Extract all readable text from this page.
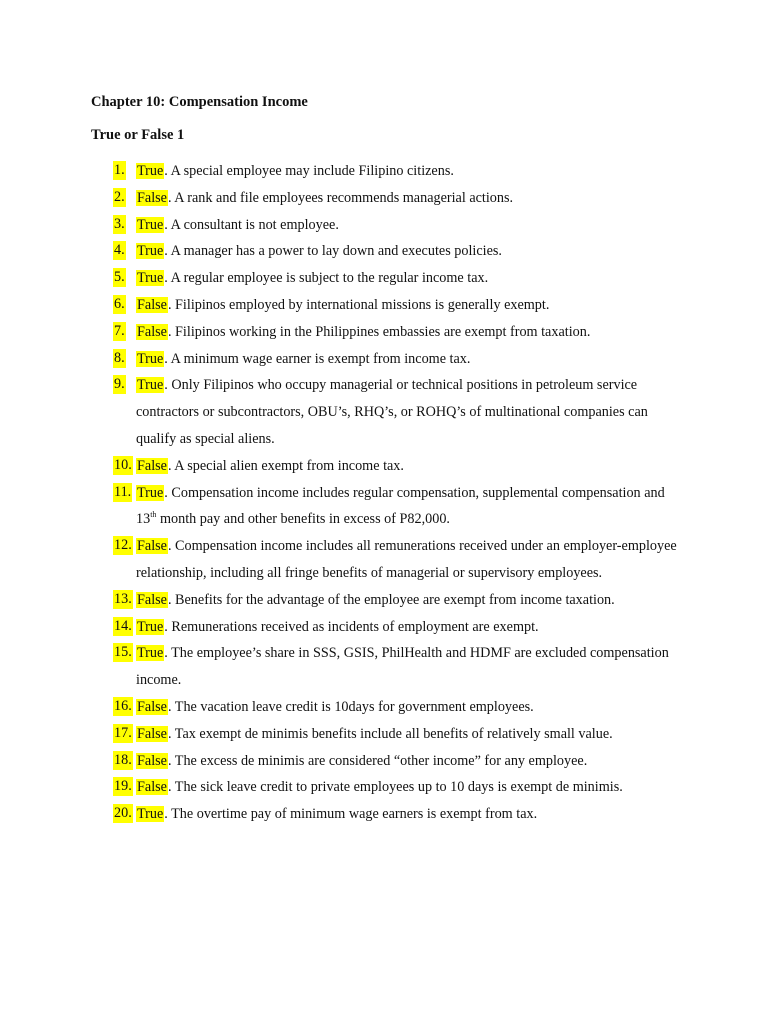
Chapter 10: Compensation Income
True or False 1
1. True. A special employee may include Filipino citizens.
2. False. A rank and file employees recommends managerial actions.
3. True. A consultant is not employee.
4. True. A manager has a power to lay down and executes policies.
5. True. A regular employee is subject to the regular income tax.
6. False. Filipinos employed by international missions is generally exempt.
7. False. Filipinos working in the Philippines embassies are exempt from taxation.
8. True. A minimum wage earner is exempt from income tax.
9. True. Only Filipinos who occupy managerial or technical positions in petroleum service contractors or subcontractors, OBU’s, RHQ’s, or ROHQ’s of multinational companies can qualify as special aliens.
10. False. A special alien exempt from income tax.
11. True. Compensation income includes regular compensation, supplemental compensation and 13th month pay and other benefits in excess of P82,000.
12. False. Compensation income includes all remunerations received under an employer-employee relationship, including all fringe benefits of managerial or supervisory employees.
13. False. Benefits for the advantage of the employee are exempt from income taxation.
14. True. Remunerations received as incidents of employment are exempt.
15. True. The employee’s share in SSS, GSIS, PhilHealth and HDMF are excluded compensation income.
16. False. The vacation leave credit is 10days for government employees.
17. False. Tax exempt de minimis benefits include all benefits of relatively small value.
18. False. The excess de minimis are considered “other income” for any employee.
19. False. The sick leave credit to private employees up to 10 days is exempt de minimis.
20. True. The overtime pay of minimum wage earners is exempt from tax.
